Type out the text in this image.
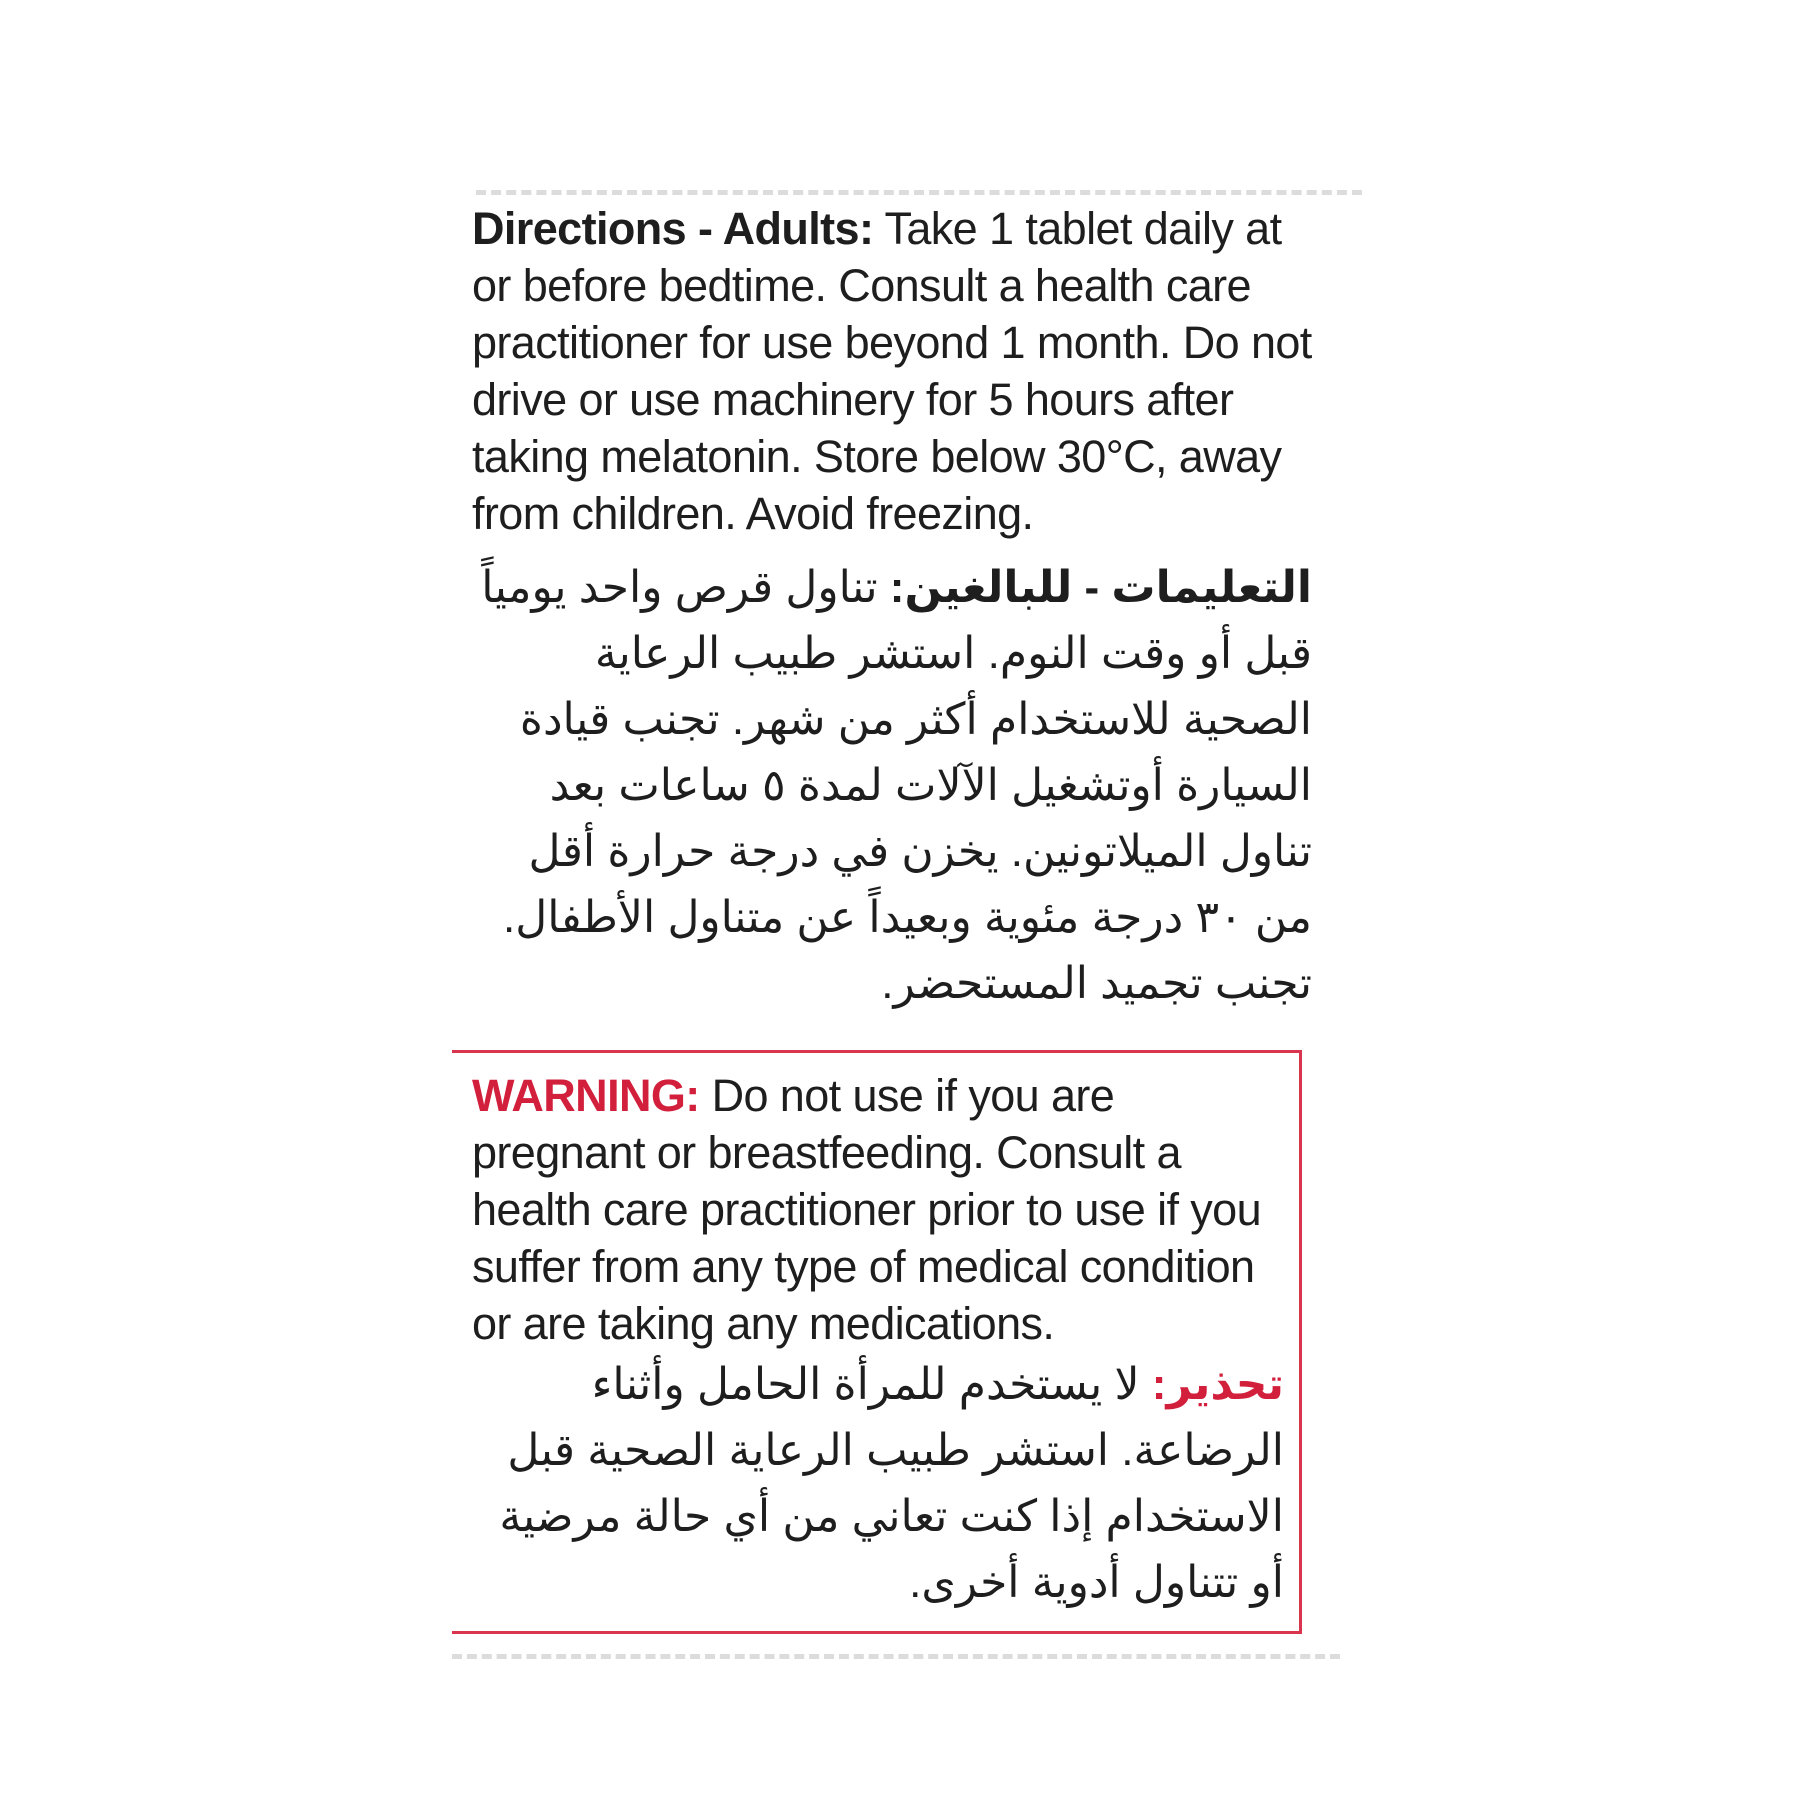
Directions - Adults: Take 1 tablet daily at or before bedtime. Consult a health care practitioner for use beyond 1 month. Do not drive or use machinery for 5 hours after taking melatonin. Store below 30°C, away from children. Avoid freezing.
التعليمات - للبالغين: تناول قرص واحد يومياً قبل أو وقت النوم. استشر طبيب الرعاية الصحية للاستخدام أكثر من شهر. تجنب قيادة السيارة أوتشغيل الآلات لمدة ٥ ساعات بعد تناول الميلاتونين. يخزن في درجة حرارة أقل من ٣٠ درجة مئوية وبعيداً عن متناول الأطفال. تجنب تجميد المستحضر.
WARNING: Do not use if you are pregnant or breastfeeding. Consult a health care practitioner prior to use if you suffer from any type of medical condition or are taking any medications.
تحذير: لا يستخدم للمرأة الحامل وأثناء الرضاعة. استشر طبيب الرعاية الصحية قبل الاستخدام إذا كنت تعاني من أي حالة مرضية أو تتناول أدوية أخرى.
